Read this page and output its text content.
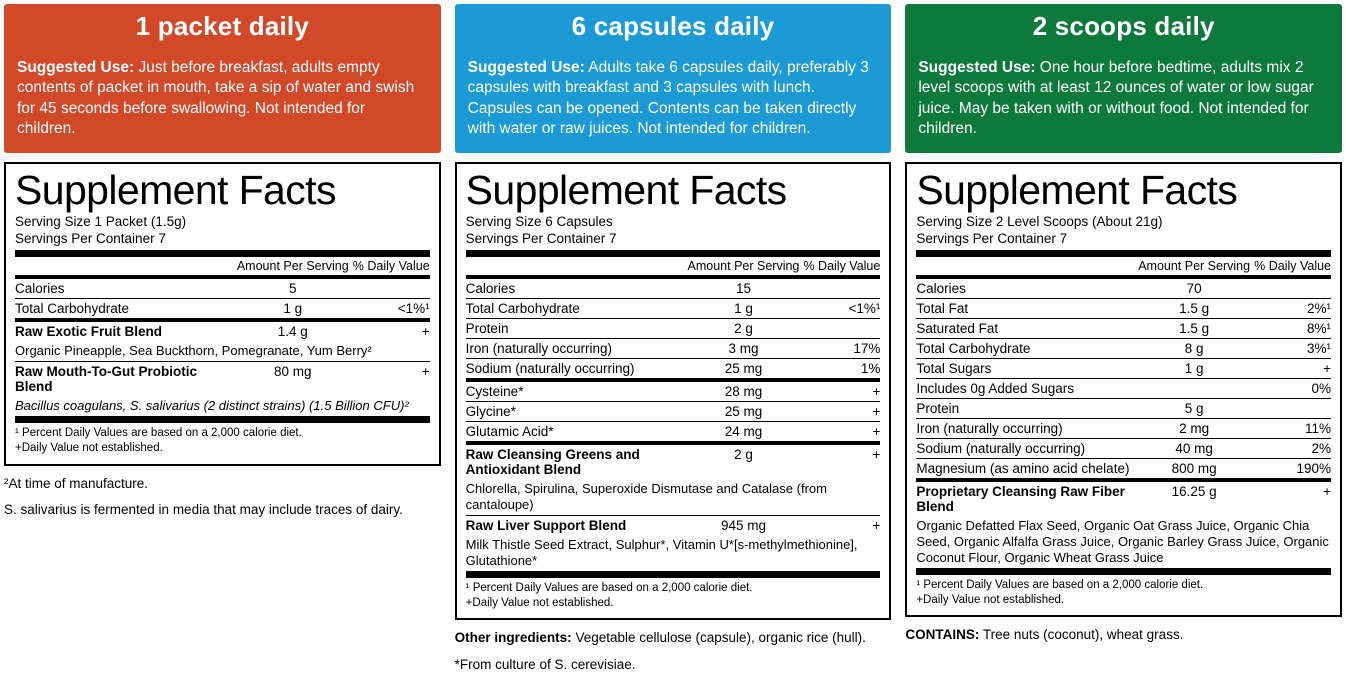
1 packet daily
Suggested Use: Just before breakfast, adults empty contents of packet in mouth, take a sip of water and swish for 45 seconds before swallowing. Not intended for children.
Supplement Facts
Serving Size 1 Packet (1.5g)
Servings Per Container 7
	Amount Per Serving	% Daily Value

Calories	5	
Total Carbohydrate	1 g	<1%¹
Raw Exotic Fruit Blend	1.4 g	+
Organic Pineapple, Sea Buckthorn, Pomegranate, Yum Berry²		
Raw Mouth-To-Gut Probiotic Blend	80 mg	+
Bacillus coagulans, S. salivarius (2 distinct strains) (1.5 Billion CFU)²		
¹ Percent Daily Values are based on a 2,000 calorie diet.
+Daily Value not established.

²At time of manufacture.

S. salivarius is fermented in media that may include traces of dairy.

6 capsules daily
Suggested Use: Adults take 6 capsules daily, preferably 3 capsules with breakfast and 3 capsules with lunch. Capsules can be opened. Contents can be taken directly with water or raw juices. Not intended for children.
Supplement Facts
Serving Size 6 Capsules
Servings Per Container 7
	Amount Per Serving	% Daily Value

Calories	15	
Total Carbohydrate	1 g	<1%¹
Protein	2 g	
Iron (naturally occurring)	3 mg	17%
Sodium (naturally occurring)	25 mg	1%
Cysteine*	28 mg	+
Glycine*	25 mg	+
Glutamic Acid*	24 mg	+
Raw Cleansing Greens and Antioxidant Blend	2 g	+
Chlorella, Spirulina, Superoxide Dismutase and Catalase (from cantaloupe)		
Raw Liver Support Blend	945 mg	+
Milk Thistle Seed Extract, Sulphur*, Vitamin U*[s-methylmethionine], Glutathione*		
¹ Percent Daily Values are based on a 2,000 calorie diet.
+Daily Value not established.

Other ingredients: Vegetable cellulose (capsule), organic rice (hull).

*From culture of S. cerevisiae.

2 scoops daily
Suggested Use: One hour before bedtime, adults mix 2 level scoops with at least 12 ounces of water or low sugar juice. May be taken with or without food. Not intended for children.
Supplement Facts
Serving Size 2 Level Scoops (About 21g)
Servings Per Container 7
	Amount Per Serving	% Daily Value

Calories	70	
Total Fat	1.5 g	2%¹
Saturated Fat	1.5 g	8%¹
Total Carbohydrate	8 g	3%¹
Total Sugars	1 g	+
Includes 0g Added Sugars		0%
Protein	5 g	
Iron (naturally occurring)	2 mg	11%
Sodium (naturally occurring)	40 mg	2%
Magnesium (as amino acid chelate)	800 mg	190%
Proprietary Cleansing Raw Fiber Blend	16.25 g	+
Organic Defatted Flax Seed, Organic Oat Grass Juice, Organic Chia Seed, Organic Alfalfa Grass Juice, Organic Barley Grass Juice, Organic Coconut Flour, Organic Wheat Grass Juice		
¹ Percent Daily Values are based on a 2,000 calorie diet.
+Daily Value not established.

CONTAINS: Tree nuts (coconut), wheat grass.
